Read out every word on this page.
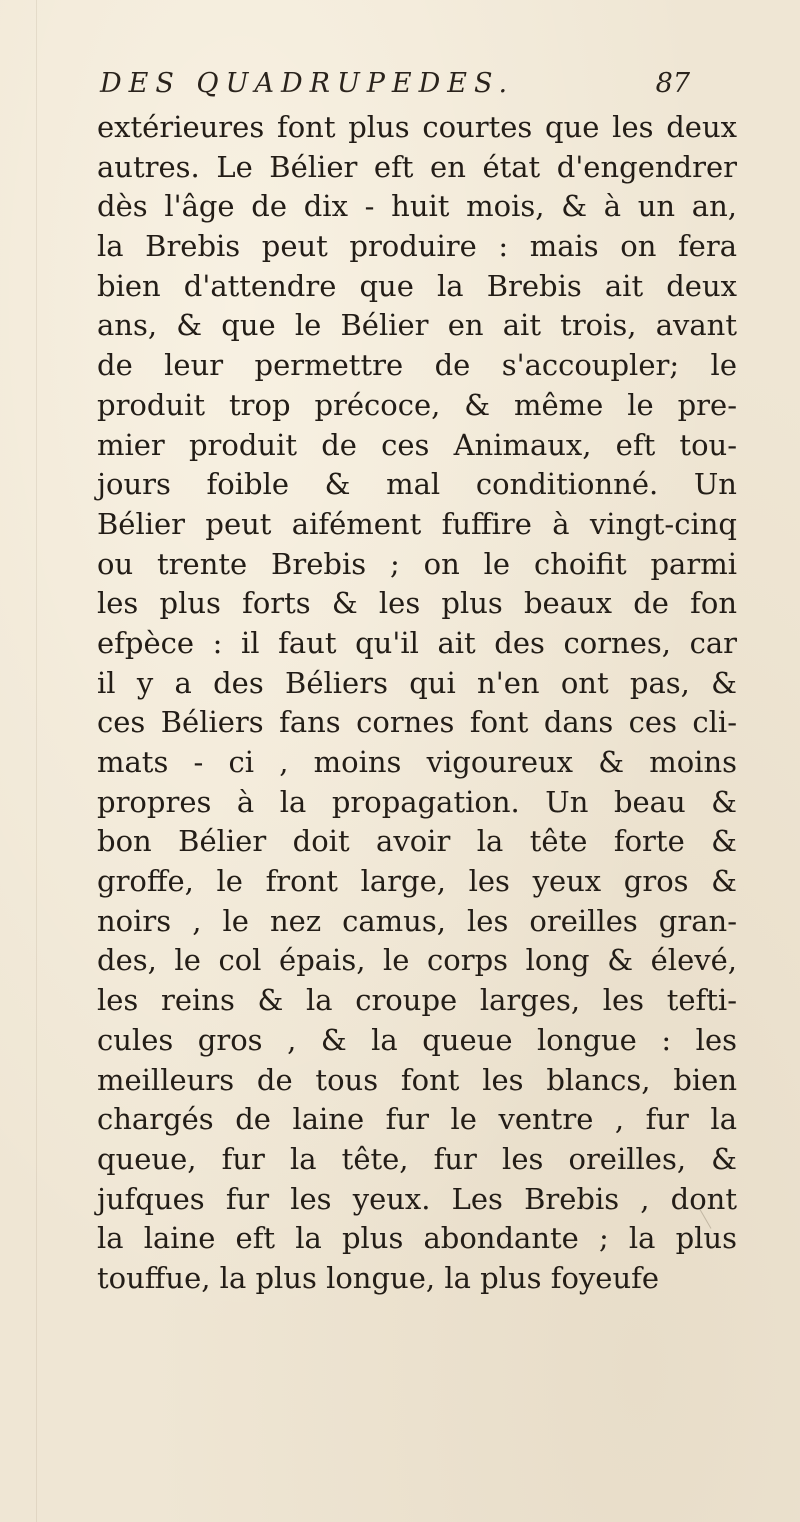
DES QUADRUPEDES.	87
extérieures font plus courtes que les deux
autres. Le Bélier eft en état d'engendrer
dès l'âge de dix - huit mois, & à un an,
la Brebis peut produire : mais on fera
bien d'attendre que la Brebis ait deux
ans, & que le Bélier en ait trois, avant
de leur permettre de s'accoupler; le
produit trop précoce, & même le pre-
mier produit de ces Animaux, eft tou-
jours foible & mal conditionné. Un
Bélier peut aifément fuffire à vingt-cinq
ou trente Brebis ; on le choifit parmi
les plus forts & les plus beaux de fon
efpèce : il faut qu'il ait des cornes, car
il y a des Béliers qui n'en ont pas, &
ces Béliers fans cornes font dans ces cli-
mats - ci , moins vigoureux & moins
propres à la propagation. Un beau &
bon Bélier doit avoir la tête forte &
groffe, le front large, les yeux gros &
noirs , le nez camus, les oreilles gran-
des, le col épais, le corps long & élevé,
les reins & la croupe larges, les tefti-
cules gros , & la queue longue : les
meilleurs de tous font les blancs, bien
chargés de laine fur le ventre , fur la
queue, fur la tête, fur les oreilles, &
jufques fur les yeux. Les Brebis , dont
la laine eft la plus abondante ; la plus
touffue, la plus longue, la plus foyeufe
